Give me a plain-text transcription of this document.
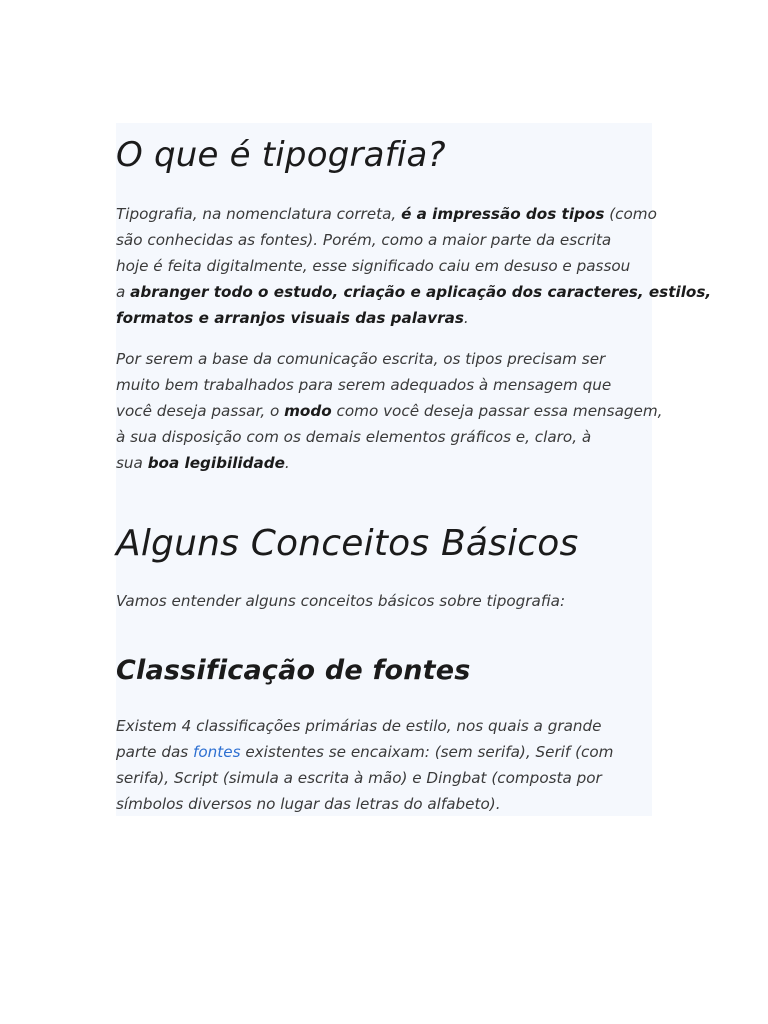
O que é tipografia?

Tipografia, na nomenclatura correta, é a impressão dos tipos (como
são conhecidas as fontes). Porém, como a maior parte da escrita
hoje é feita digitalmente, esse significado caiu em desuso e passou
a abranger todo o estudo, criação e aplicação dos caracteres, estilos,
formatos e arranjos visuais das palavras.

Por serem a base da comunicação escrita, os tipos precisam ser
muito bem trabalhados para serem adequados à mensagem que
você deseja passar, o modo como você deseja passar essa mensagem,
à sua disposição com os demais elementos gráficos e, claro, à
sua boa legibilidade.

Alguns Conceitos Básicos

Vamos entender alguns conceitos básicos sobre tipografia:

Classificação de fontes

Existem 4 classificações primárias de estilo, nos quais a grande
parte das fontes existentes se encaixam: (sem serifa), Serif (com
serifa), Script (simula a escrita à mão) e Dingbat (composta por
símbolos diversos no lugar das letras do alfabeto).
